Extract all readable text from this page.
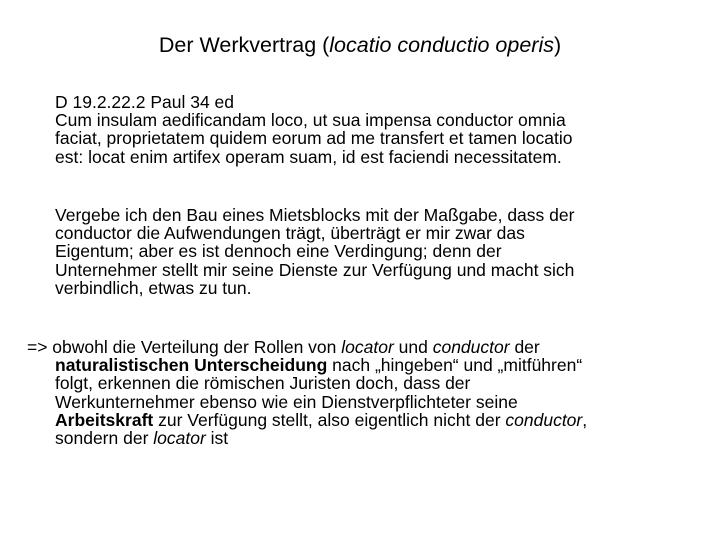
Der Werkvertrag (locatio conductio operis)
D 19.2.22.2 Paul 34 ed
Cum insulam aedificandam loco, ut sua impensa conductor omnia
faciat, proprietatem quidem eorum ad me transfert et tamen locatio
est: locat enim artifex operam suam, id est faciendi necessitatem.
Vergebe ich den Bau eines Mietsblocks mit der Maßgabe, dass der
conductor die Aufwendungen trägt, überträgt er mir zwar das
Eigentum; aber es ist dennoch eine Verdingung; denn der
Unternehmer stellt mir seine Dienste zur Verfügung und macht sich
verbindlich, etwas zu tun.
=> obwohl die Verteilung der Rollen von locator und conductor der
naturalistischen Unterscheidung nach „hingeben“ und „mitführen“
folgt, erkennen die römischen Juristen doch, dass der
Werkunternehmer ebenso wie ein Dienstverpflichteter seine
Arbeitskraft zur Verfügung stellt, also eigentlich nicht der conductor,
sondern der locator ist
